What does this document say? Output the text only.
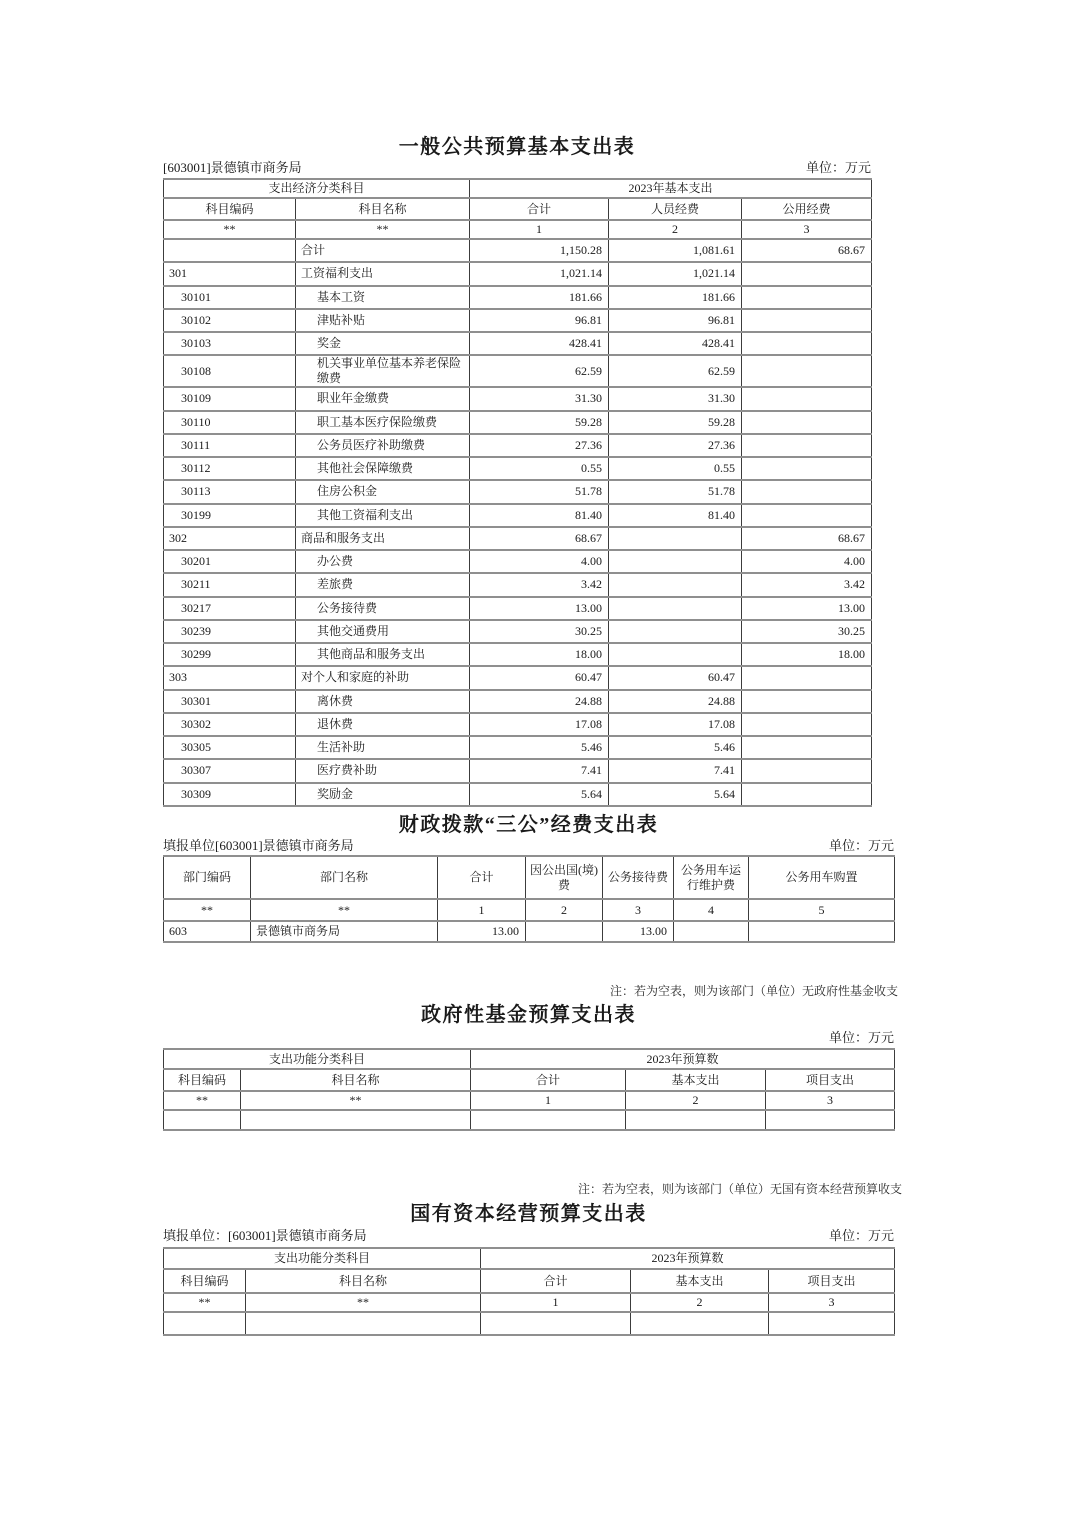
一般公共预算基本支出表
[603001]景德镇市商务局	单位：万元
支出经济分类科目		2023年基本支出		
科目编码	科目名称	合计	人员经费	公用经费
**	**	1	2	3
	合计	1,150.28	1,081.61	68.67
301	工资福利支出	1,021.14	1,021.14	
30101	基本工资	181.66	181.66	
30102	津贴补贴	96.81	96.81	
30103	奖金	428.41	428.41	
30108	机关事业单位基本养老保险缴费	62.59	62.59	
30109	职业年金缴费	31.30	31.30	
30110	职工基本医疗保险缴费	59.28	59.28	
30111	公务员医疗补助缴费	27.36	27.36	
30112	其他社会保障缴费	0.55	0.55	
30113	住房公积金	51.78	51.78	
30199	其他工资福利支出	81.40	81.40	
302	商品和服务支出	68.67		68.67
30201	办公费	4.00		4.00
30211	差旅费	3.42		3.42
30217	公务接待费	13.00		13.00
30239	其他交通费用	30.25		30.25
30299	其他商品和服务支出	18.00		18.00
303	对个人和家庭的补助	60.47	60.47	
30301	离休费	24.88	24.88	
30302	退休费	17.08	17.08	
30305	生活补助	5.46	5.46	
30307	医疗费补助	7.41	7.41	
30309	奖励金	5.64	5.64	
财政拨款“三公”经费支出表
填报单位[603001]景德镇市商务局	单位：万元
部门编码	部门名称	合计	因公出国(境)费	公务接待费	公务用车运行维护费	公务用车购置
**	**	1	2	3	4	5
603	景德镇市商务局	13.00		13.00		
注：若为空表，则为该部门（单位）无政府性基金收支
政府性基金预算支出表
单位：万元
支出功能分类科目		2023年预算数		
科目编码	科目名称	合计	基本支出	项目支出
**	**	1	2	3

注：若为空表，则为该部门（单位）无国有资本经营预算收支
国有资本经营预算支出表
填报单位：[603001]景德镇市商务局	单位：万元
支出功能分类科目		2023年预算数		
科目编码	科目名称	合计	基本支出	项目支出
**	**	1	2	3
